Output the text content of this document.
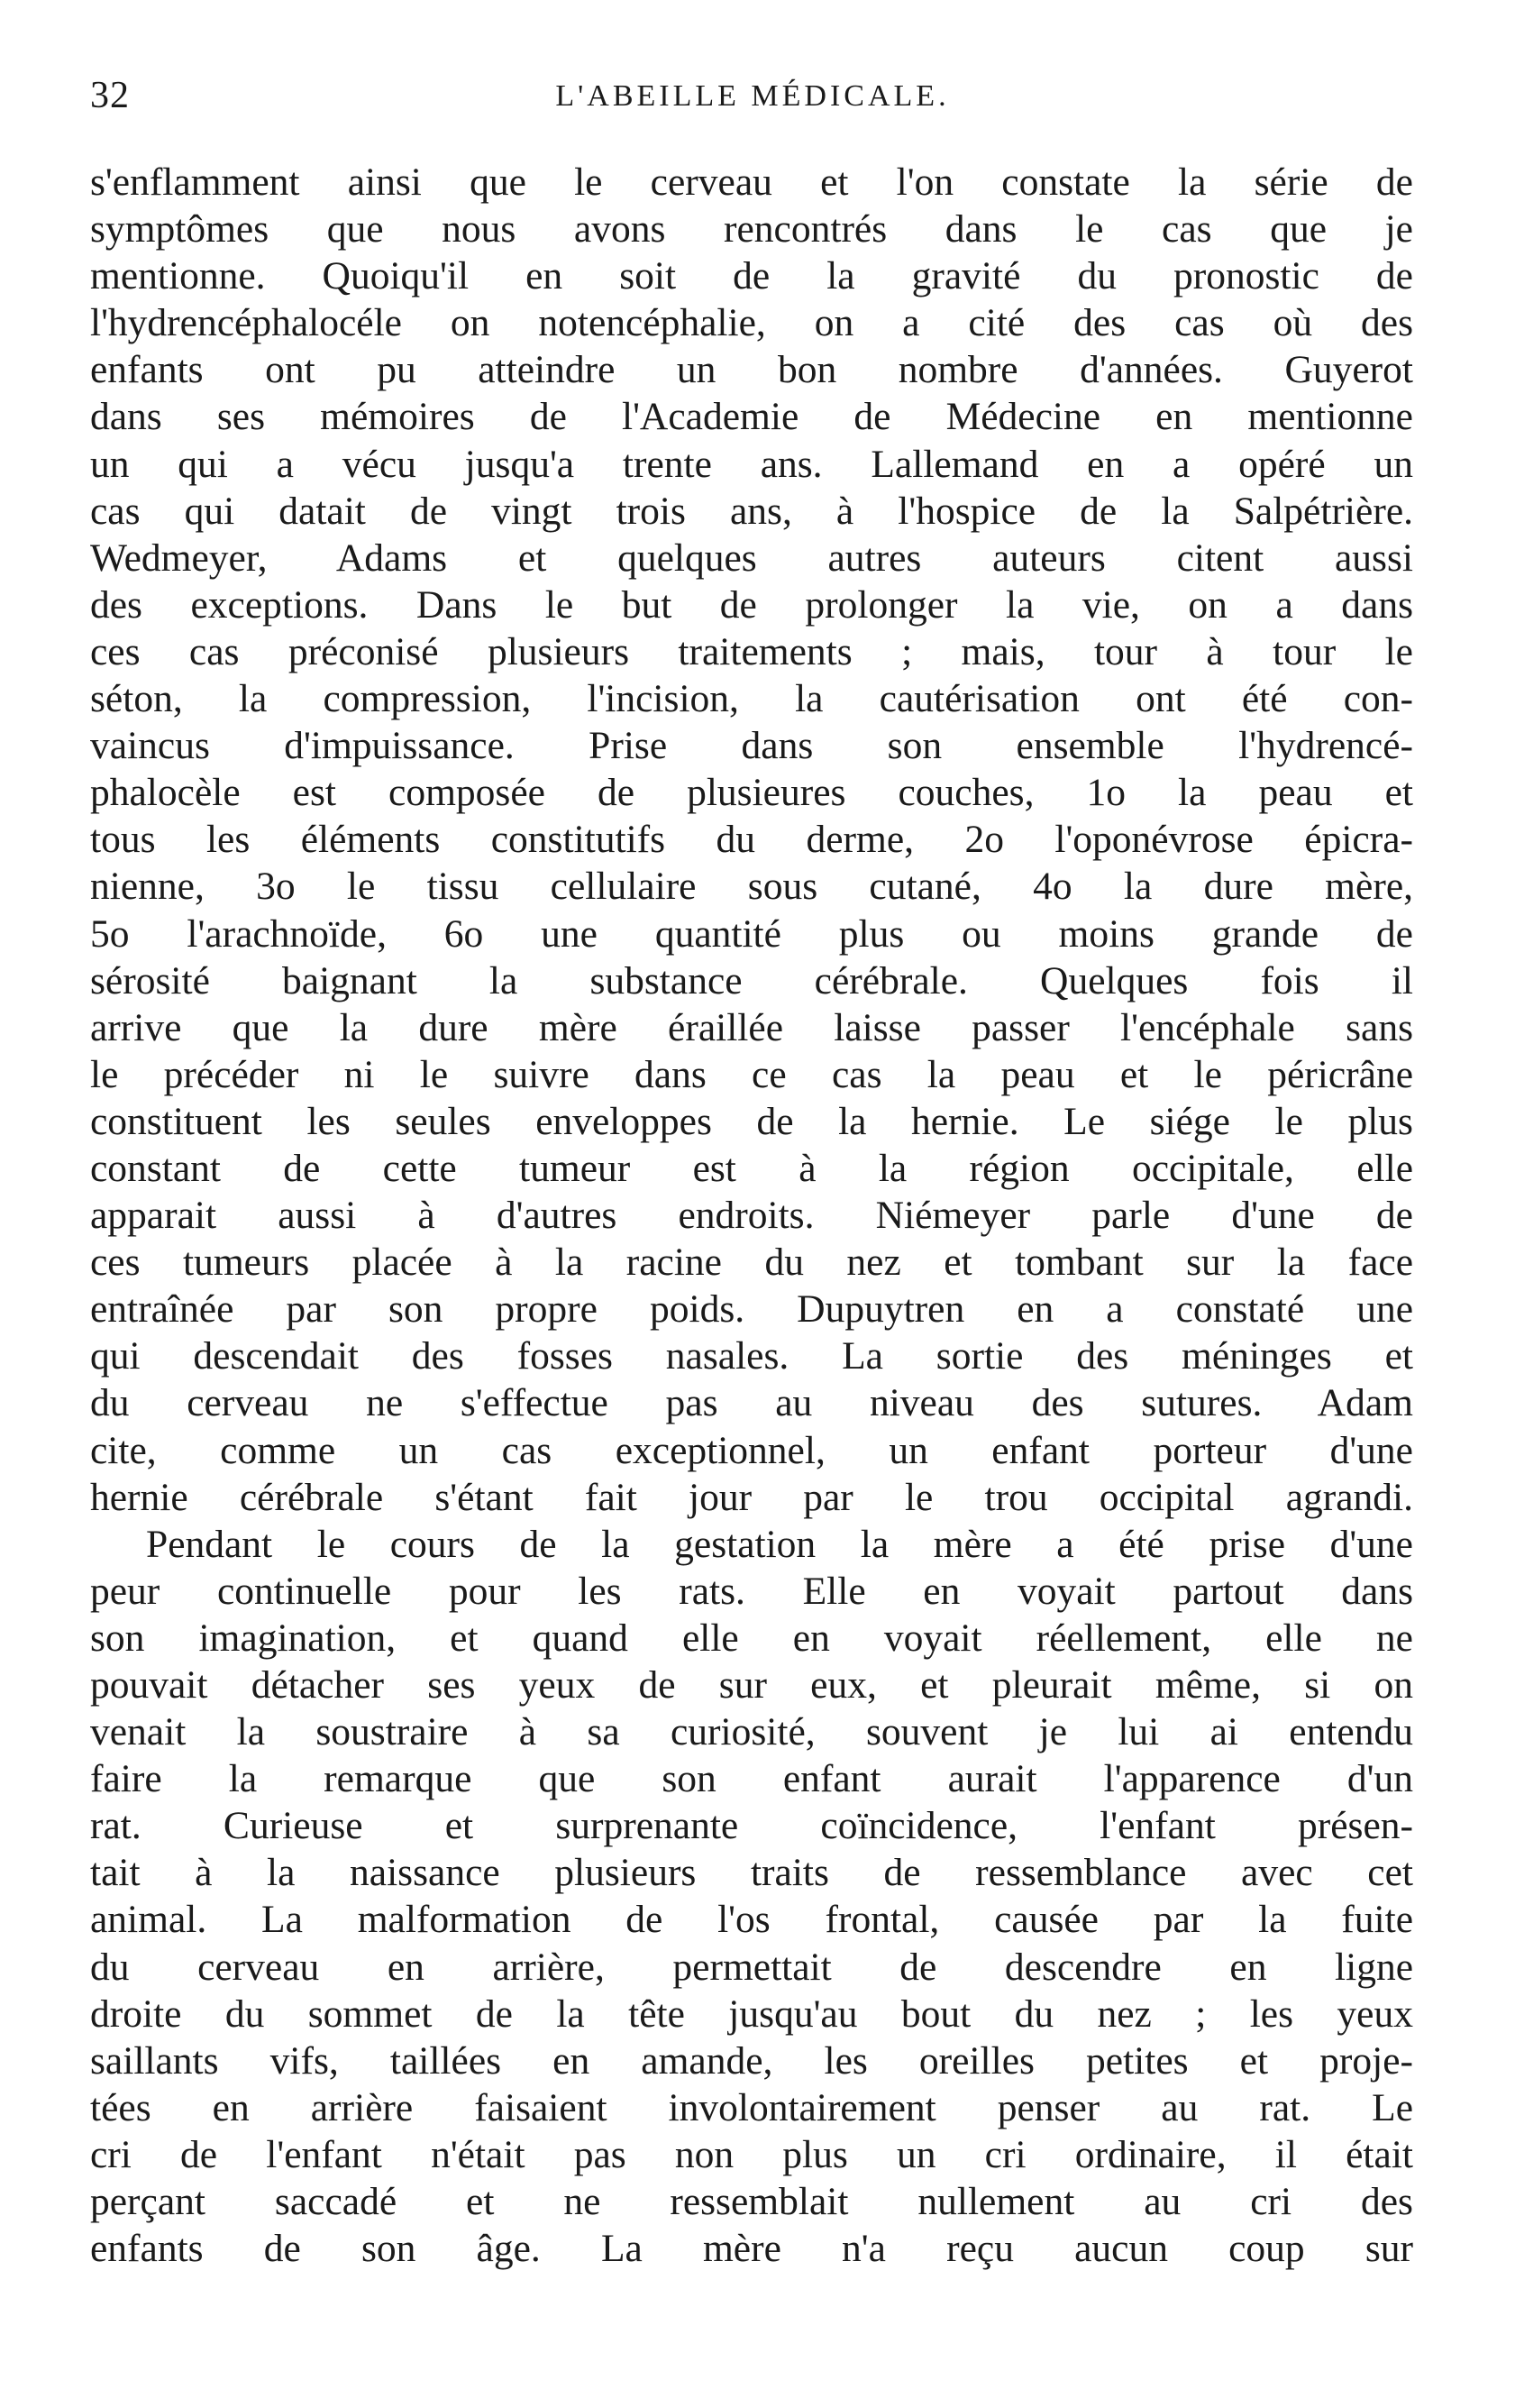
32	L'ABEILLE MÉDICALE.
s'enflamment ainsi que le cerveau et l'on constate la série de
symptômes que nous avons rencontrés dans le cas que je
mentionne. Quoiqu'il en soit de la gravité du pronostic de
l'hydrencéphalocéle on notencéphalie, on a cité des cas où des
enfants ont pu atteindre un bon nombre d'années. Guyerot
dans ses mémoires de l'Academie de Médecine en mentionne
un qui a vécu jusqu'a trente ans. Lallemand en a opéré un
cas qui datait de vingt trois ans, à l'hospice de la Salpétrière.
Wedmeyer, Adams et quelques autres auteurs citent aussi
des exceptions. Dans le but de prolonger la vie, on a dans
ces cas préconisé plusieurs traitements ; mais, tour à tour le
séton, la compression, l'incision, la cautérisation ont été con-
vaincus d'impuissance. Prise dans son ensemble l'hydrencé-
phalocèle est composée de plusieures couches, 1o la peau et
tous les éléments constitutifs du derme, 2o l'oponévrose épicra-
nienne, 3o le tissu cellulaire sous cutané, 4o la dure mère,
5o l'arachnoïde, 6o une quantité plus ou moins grande de
sérosité baignant la substance cérébrale. Quelques fois il
arrive que la dure mère éraillée laisse passer l'encéphale sans
le précéder ni le suivre dans ce cas la peau et le péricrâne
constituent les seules enveloppes de la hernie. Le siége le plus
constant de cette tumeur est à la région occipitale, elle
apparait aussi à d'autres endroits. Niémeyer parle d'une de
ces tumeurs placée à la racine du nez et tombant sur la face
entraînée par son propre poids. Dupuytren en a constaté une
qui descendait des fosses nasales. La sortie des méninges et
du cerveau ne s'effectue pas au niveau des sutures. Adam
cite, comme un cas exceptionnel, un enfant porteur d'une
hernie cérébrale s'étant fait jour par le trou occipital agrandi.
Pendant le cours de la gestation la mère a été prise d'une
peur continuelle pour les rats. Elle en voyait partout dans
son imagination, et quand elle en voyait réellement, elle ne
pouvait détacher ses yeux de sur eux, et pleurait même, si on
venait la soustraire à sa curiosité, souvent je lui ai entendu
faire la remarque que son enfant aurait l'apparence d'un
rat. Curieuse et surprenante coïncidence, l'enfant présen-
tait à la naissance plusieurs traits de ressemblance avec cet
animal. La malformation de l'os frontal, causée par la fuite
du cerveau en arrière, permettait de descendre en ligne
droite du sommet de la tête jusqu'au bout du nez ; les yeux
saillants vifs, taillées en amande, les oreilles petites et proje-
tées en arrière faisaient involontairement penser au rat. Le
cri de l'enfant n'était pas non plus un cri ordinaire, il était
perçant saccadé et ne ressemblait nullement au cri des
enfants de son âge. La mère n'a reçu aucun coup sur
